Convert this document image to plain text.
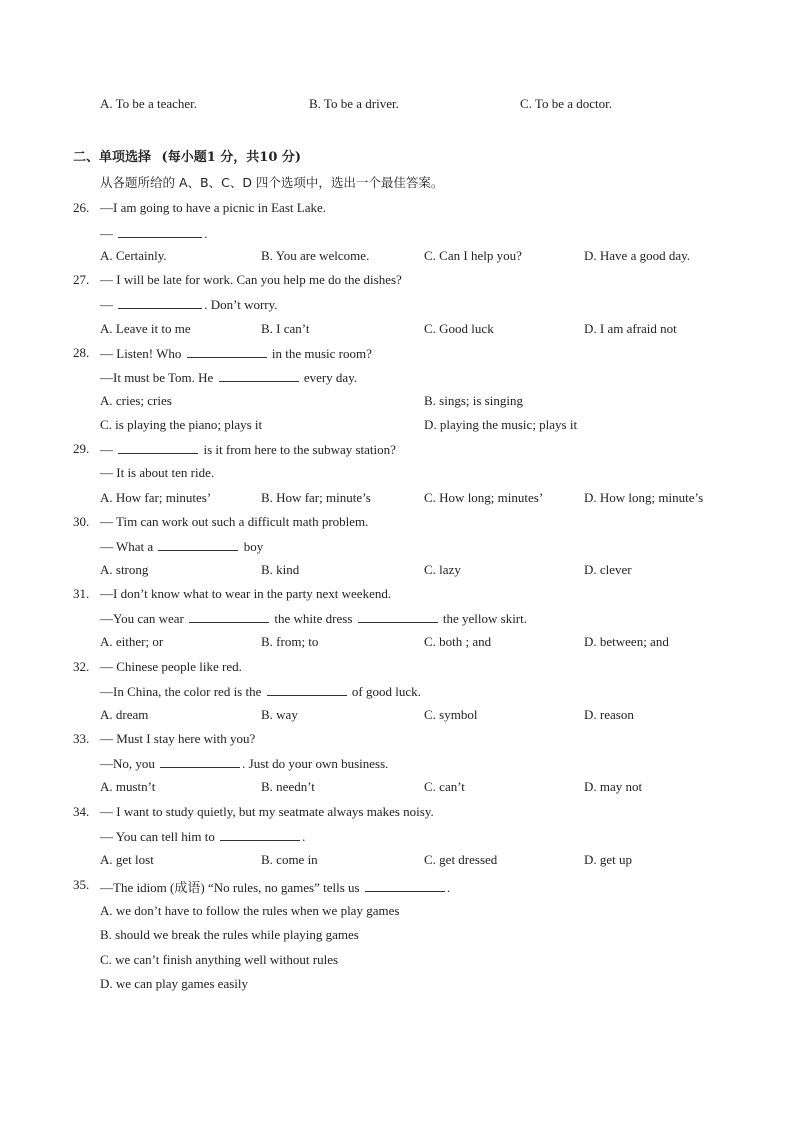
A. To be a teacher.	B. To be a driver.	C. To be a doctor.
二、单项选择 (每小题1 分，共10 分)
从各题所给的 A、B、C、D 四个选项中，选出一个最佳答案。
26. —I am going to have a picnic in East Lake.
—	.
A. Certainly.	B. You are welcome.	C. Can I help you?	D. Have a good day.
27. — I will be late for work. Can you help me do the dishes?
—	. Don’t worry.
A. Leave it to me	B. I can’t	C. Good luck	D. I am afraid not
28. — Listen! Who	in the music room?
—It must be Tom. He	every day.
A. cries; cries	B. sings; is singing
C. is playing the piano; plays it	D. playing the music; plays it
29. —	is it from here to the subway station?
— It is about ten ride.
A. How far; minutes’	B. How far; minute’s	C. How long; minutes’	D. How long; minute’s
30. — Tim can work out such a difficult math problem.
— What a	boy
A. strong	B. kind	C. lazy	D. clever
31. —I don’t know what to wear in the party next weekend.
—You can wear	the white dress	the yellow skirt.
A. either; or	B. from; to	C. both ; and	D. between; and
32. — Chinese people like red.
—In China, the color red is the	of good luck.
A. dream	B. way	C. symbol	D. reason
33. — Must I stay here with you?
—No, you	. Just do your own business.
A. mustn’t	B. needn’t	C. can’t	D. may not
34. — I want to study quietly, but my seatmate always makes noisy.
— You can tell him to	.
A. get lost	B. come in	C. get dressed	D. get up
35. —The idiom (成语) “No rules, no games” tells us	.
A. we don’t have to follow the rules when we play games
B. should we break the rules while playing games
C. we can’t finish anything well without rules
D. we can play games easily
